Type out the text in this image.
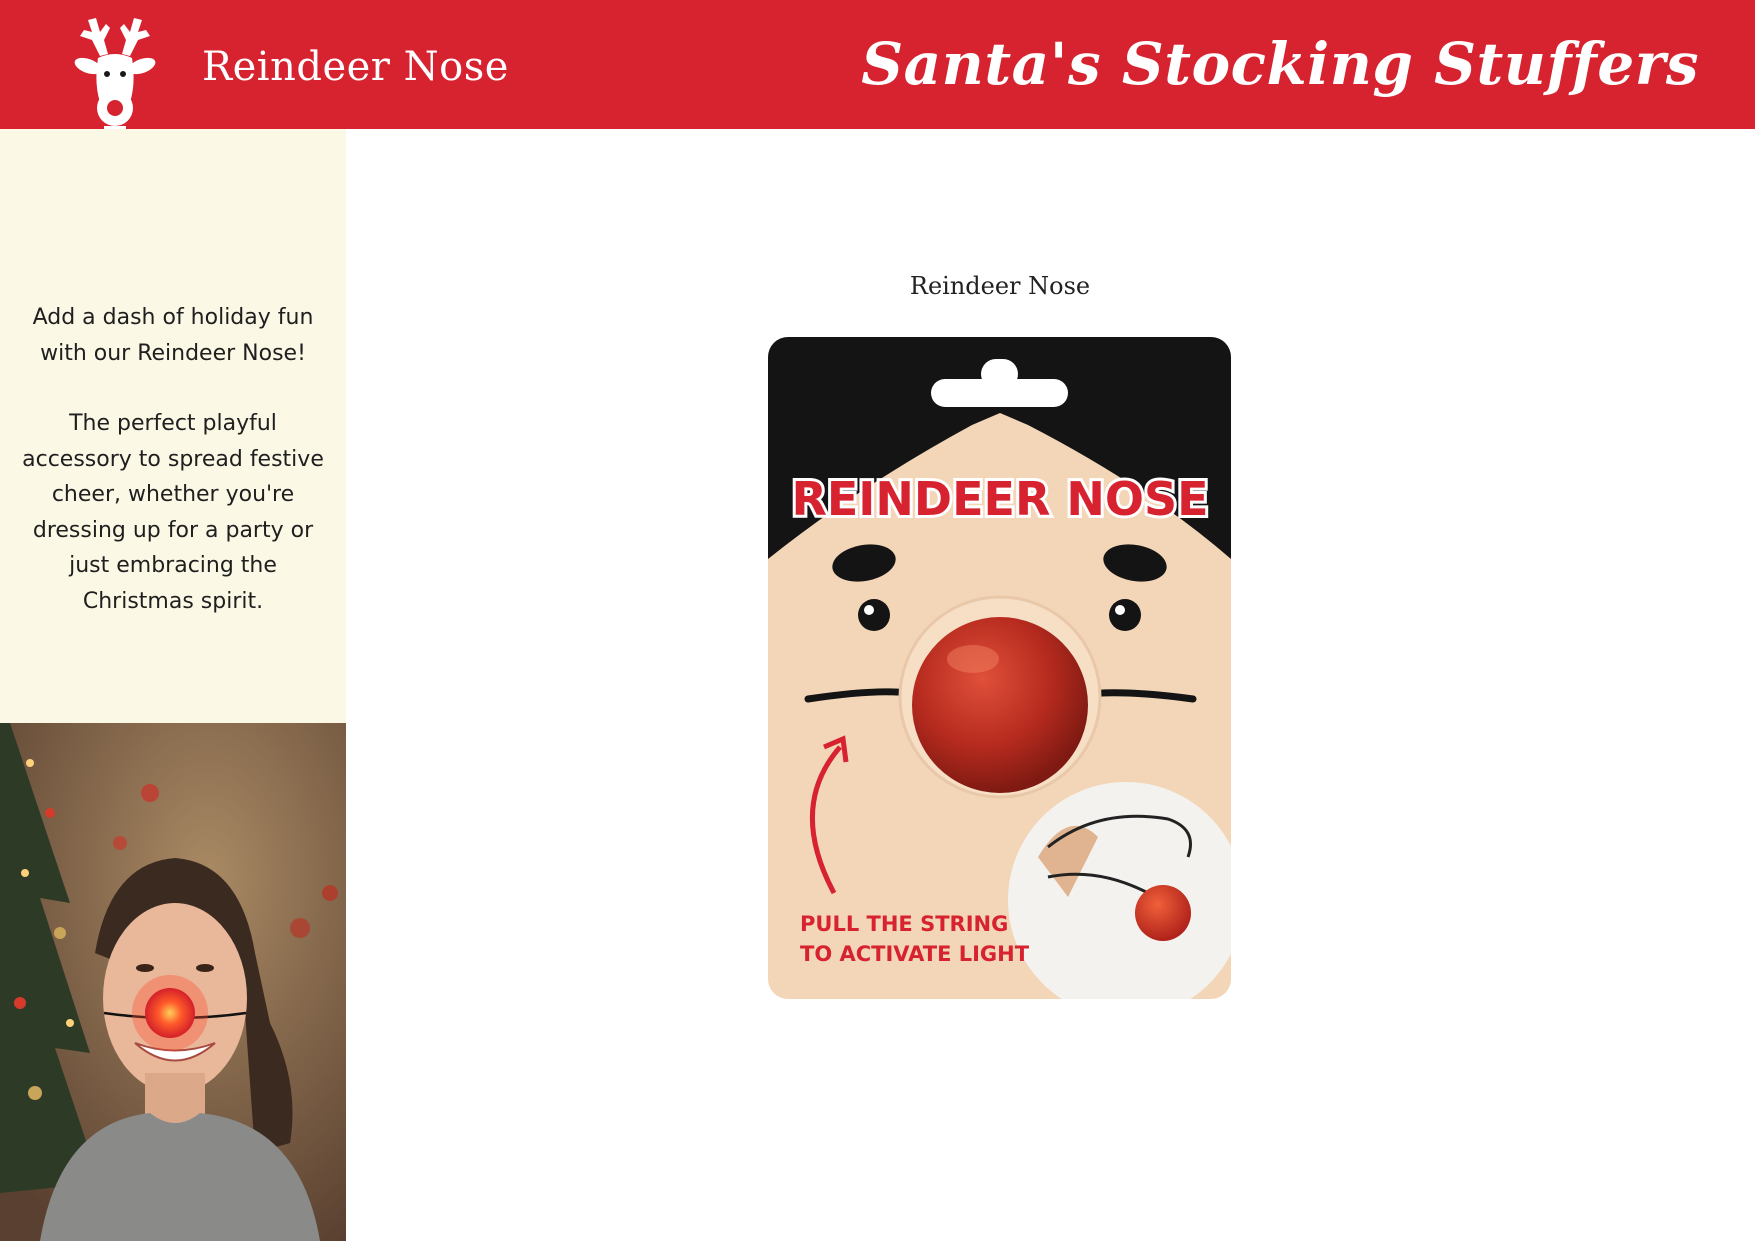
Reindeer Nose	Santa's Stocking Stuffers

Add a dash of holiday fun with our Reindeer Nose!

The perfect playful accessory to spread festive cheer, whether you're dressing up for a party or just embracing the Christmas spirit.

Reindeer Nose
REINDEER NOSE
PULL THE STRING
TO ACTIVATE LIGHT
